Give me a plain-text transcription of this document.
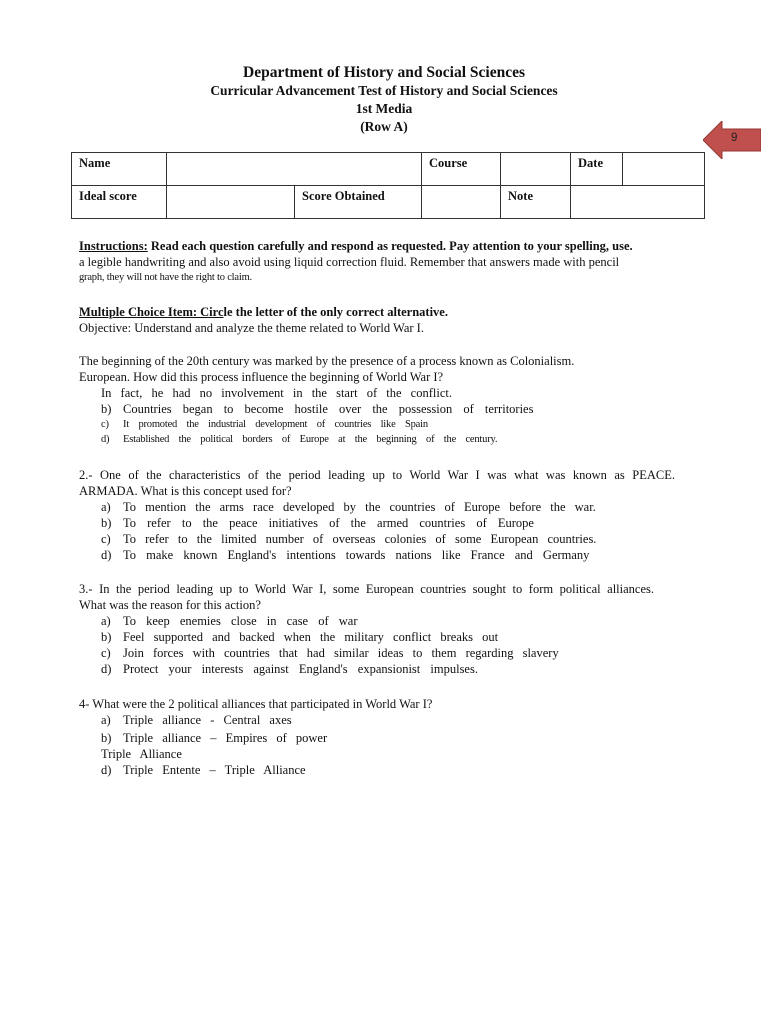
Department of History and Social Sciences
Curricular Advancement Test of History and Social Sciences
1st Media
(Row A)
9
Name			Course		Date	
Ideal score		Score Obtained		Note		

Instructions: Read each question carefully and respond as requested. Pay attention to your spelling, use.

a legible handwriting and also avoid using liquid correction fluid. Remember that answers made with pencil

graph, they will not have the right to claim.

Multiple Choice Item: Circle the letter of the only correct alternative.

Objective: Understand and analyze the theme related to World War I.

The beginning of the 20th century was marked by the presence of a process known as Colonialism.

European. How did this process influence the beginning of World War I?

In fact, he had no involvement in the start of the conflict.

b) Countries began to become hostile over the possession of territories
c)	It promoted the industrial development of countries like Spain
d)	Established the political borders of Europe at the beginning of the century.

2.- One of the characteristics of the period leading up to World War I was what was known as PEACE.

ARMADA. What is this concept used for?

a) To mention the arms race developed by the countries of Europe before the war.
b) To refer to the peace initiatives of the armed countries of Europe
c) To refer to the limited number of overseas colonies of some European countries.
d) To make known England's intentions towards nations like France and Germany

3.- In the period leading up to World War I, some European countries sought to form political alliances.

What was the reason for this action?

a) To keep enemies close in case of war
b) Feel supported and backed when the military conflict breaks out
c) Join forces with countries that had similar ideas to them regarding slavery
d) Protect your interests against England's expansionist impulses.

4- What were the 2 political alliances that participated in World War I?

a) Triple alliance - Central axes
b) Triple alliance – Empires of power

Triple Alliance

d) Triple Entente – Triple Alliance
